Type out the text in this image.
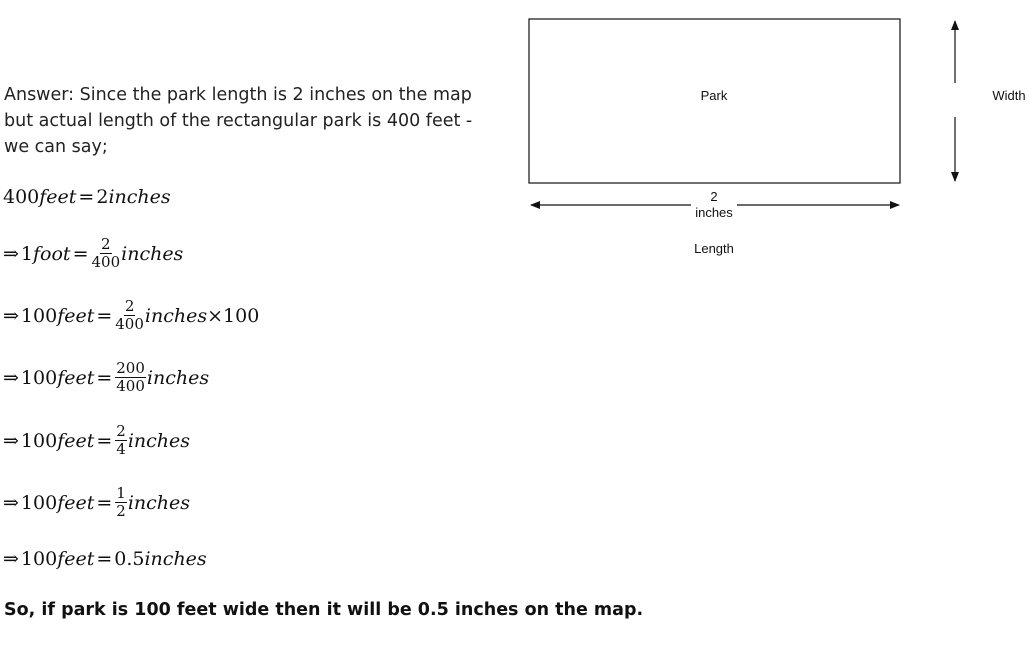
Answer: Since the park length is 2 inches on the map but actual length of the rectangular park is 400 feet - we can say;
400 feet = 2 inches
⇒ 1 foot = $\frac{2}{400}$ inches
⇒ 100 feet = $\frac{2}{400}$ inches ×100
⇒ 100 feet = $\frac{200}{400}$ inches
⇒ 100 feet = $\frac{2}{4}$ inches
⇒ 100 feet = $\frac{1}{2}$ inches
⇒ 100 feet = 0.5 inches
So, if park is 100 feet wide then it will be 0.5 inches on the map.
Park	Width
2
inches
Length
